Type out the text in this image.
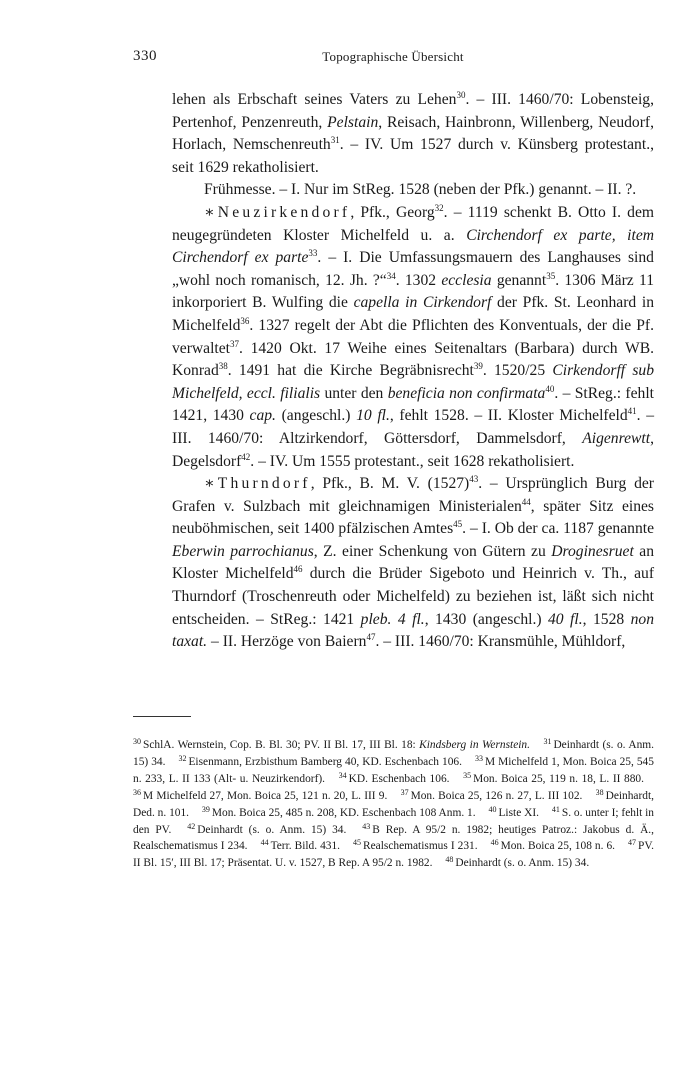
330	Topographische Übersicht

lehen als Erbschaft seines Vaters zu Lehen$^{30}$. – III. 1460/70: Lobensteig, Pertenhof, Penzenreuth, Pelstain, Reisach, Hainbronn, Willenberg, Neudorf, Horlach, Nemschenreuth$^{31}$. – IV. Um 1527 durch v. Künsberg protestant., seit 1629 rekatholisiert.

Frühmesse. – I. Nur im StReg. 1528 (neben der Pfk.) genannt. – II. ?.

∗Neuzirkendorf, Pfk., Georg$^{32}$. – 1119 schenkt B. Otto I. dem neugegründeten Kloster Michelfeld u. a. Circhendorf ex parte, item Circhendorf ex parte$^{33}$. – I. Die Umfassungsmauern des Langhauses sind „wohl noch romanisch, 12. Jh. ?“$^{34}$. 1302 ecclesia genannt$^{35}$. 1306 März 11 inkorporiert B. Wulfing die capella in Cirkendorf der Pfk. St. Leonhard in Michelfeld$^{36}$. 1327 regelt der Abt die Pflichten des Konventuals, der die Pf. verwaltet$^{37}$. 1420 Okt. 17 Weihe eines Seitenaltars (Barbara) durch WB. Konrad$^{38}$. 1491 hat die Kirche Begräbnisrecht$^{39}$. 1520/25 Cirkendorff sub Michelfeld, eccl. filialis unter den beneficia non confirmata$^{40}$. – StReg.: fehlt 1421, 1430 cap. (angeschl.) 10 fl., fehlt 1528. – II. Kloster Michelfeld$^{41}$. – III. 1460/70: Altzirkendorf, Göttersdorf, Dammelsdorf, Aigenrewtt, Degelsdorf$^{42}$. – IV. Um 1555 protestant., seit 1628 rekatholisiert.

∗Thurndorf, Pfk., B. M. V. $(1527)^{43}$. – Ursprünglich Burg der Grafen v. Sulzbach mit gleichnamigen Ministerialen$^{44}$, später Sitz eines neuböhmischen, seit 1400 pfälzischen Amtes$^{45}$. – I. Ob der ca. 1187 genannte Eberwin parrochianus, Z. einer Schenkung von Gütern zu Droginesruet an Kloster Michelfeld$^{46}$ durch die Brüder Sigeboto und Heinrich v. Th., auf Thurndorf (Troschenreuth oder Michelfeld) zu beziehen ist, läßt sich nicht entscheiden. – StReg.: 1421 pleb. 4 fl., 1430 (angeschl.) 40 fl., 1528 non taxat. – II. Herzöge von Baiern$^{47}$. – III. 1460/70: Kransmühle, Mühldorf,

$^{30}$ SchlA. Wernstein, Cop. B. Bl. 30; PV. II Bl. 17, III Bl. 18: Kindsberg in Wernstein. $^{31}$ Deinhardt (s. o. Anm. 15) 34. $^{32}$ Eisenmann, Erzbisthum Bamberg 40, KD. Eschenbach 106. $^{33}$ M Michelfeld 1, Mon. Boica 25, 545 n. 233, L. II 133 (Alt- u. Neuzirkendorf). $^{34}$ KD. Eschenbach 106. $^{35}$ Mon. Boica 25, 119 n. 18, L. II 880. $^{36}$ M Michelfeld 27, Mon. Boica 25, 121 n. 20, L. III 9. $^{37}$ Mon. Boica 25, 126 n. 27, L. III 102. $^{38}$ Deinhardt, Ded. n. 101. $^{39}$ Mon. Boica 25, 485 n. 208, KD. Eschenbach 108 Anm. 1. $^{40}$ Liste XI. $^{41}$ S. o. unter I; fehlt in den PV. $^{42}$ Deinhardt (s. o. Anm. 15) 34. $^{43}$ B Rep. A 95/2 n. 1982; heutiges Patroz.: Jakobus d. Ä., Realschematismus I 234. $^{44}$ Terr. Bild. 431. $^{45}$ Realschematismus I 231. $^{46}$ Mon. Boica 25, 108 n. 6. $^{47}$ PV. II Bl. 15′, III Bl. 17; Präsentat. U. v. 1527, B Rep. A 95/2 n. 1982. $^{48}$ Deinhardt (s. o. Anm. 15) 34.
